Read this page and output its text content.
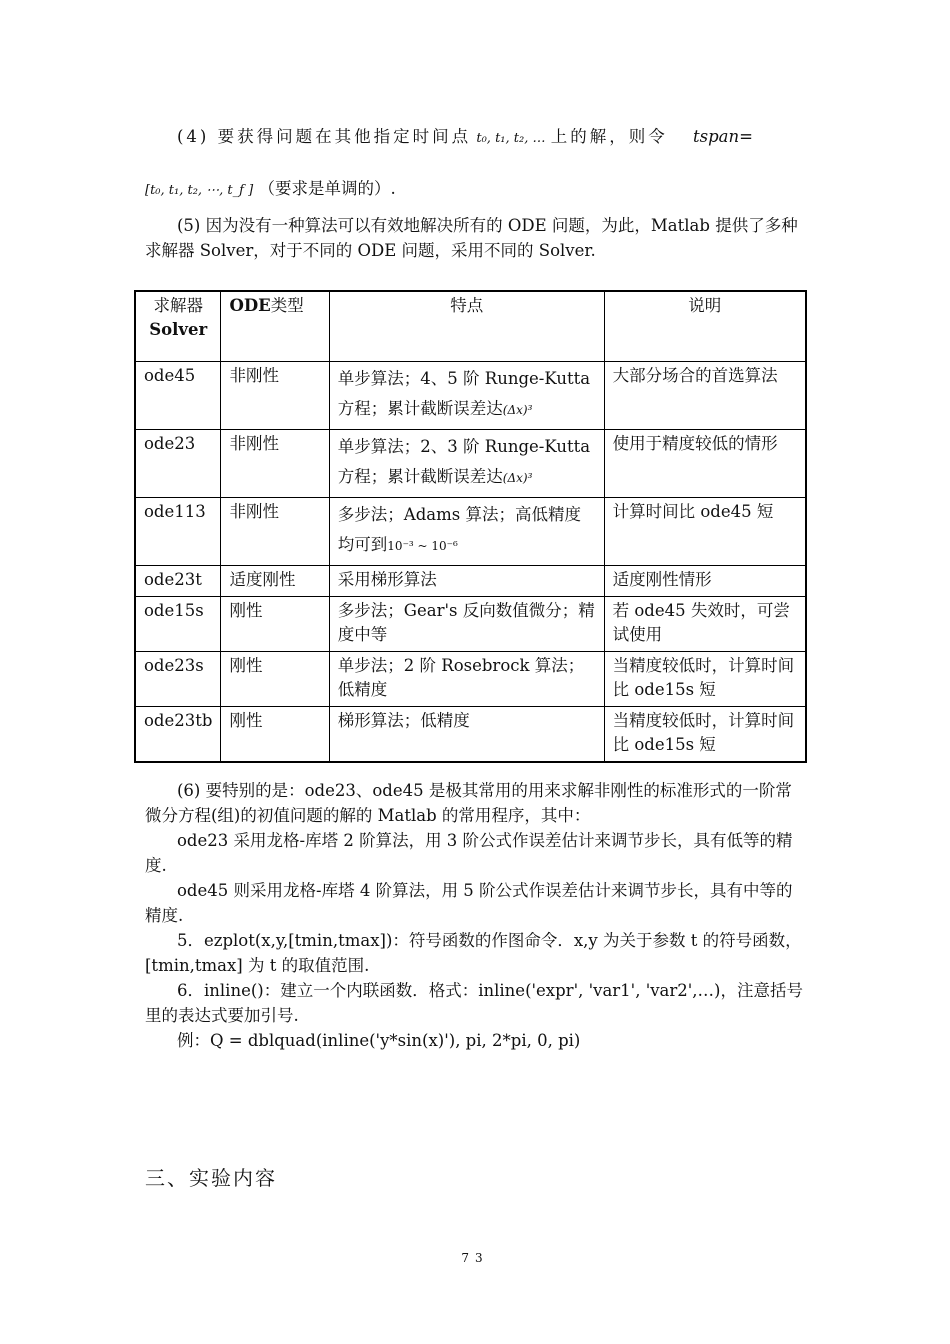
(4) 要获得问题在其他指定时间点 t₀, t₁, t₂, … 上的解，则令 tspan=
[t₀, t₁, t₂, ⋯, t_f ] （要求是单调的）.
(5) 因为没有一种算法可以有效地解决所有的 ODE 问题，为此，Matlab 提供了多种求解器 Solver，对于不同的 ODE 问题，采用不同的 Solver.
求解器
Solver	ODE类型	特点	说明
ode45	非刚性	单步算法；4、5 阶 Runge-Kutta 方程；累计截断误差达(Δx)³	大部分场合的首选算法
ode23	非刚性	单步算法；2、3 阶 Runge-Kutta 方程；累计截断误差达(Δx)³	使用于精度较低的情形
ode113	非刚性	多步法；Adams 算法；高低精度均可到10⁻³ ~ 10⁻⁶	计算时间比 ode45 短
ode23t	适度刚性	采用梯形算法	适度刚性情形
ode15s	刚性	多步法；Gear's 反向数值微分；精度中等	若 ode45 失效时，可尝试使用
ode23s	刚性	单步法；2 阶 Rosebrock 算法；低精度	当精度较低时，计算时间比 ode15s 短
ode23tb	刚性	梯形算法；低精度	当精度较低时，计算时间比 ode15s 短
(6) 要特别的是：ode23、ode45 是极其常用的用来求解非刚性的标准形式的一阶常微分方程(组)的初值问题的解的 Matlab 的常用程序，其中：
ode23 采用龙格-库塔 2 阶算法，用 3 阶公式作误差估计来调节步长，具有低等的精度.
ode45 则采用龙格-库塔 4 阶算法，用 5 阶公式作误差估计来调节步长，具有中等的精度.
5．ezplot(x,y,[tmin,tmax])：符号函数的作图命令．x,y 为关于参数 t 的符号函数，[tmin,tmax] 为 t 的取值范围.
6．inline()：建立一个内联函数．格式：inline('expr', 'var1', 'var2',…)，注意括号里的表达式要加引号.
例：Q = dblquad(inline('y*sin(x)'), pi, 2*pi, 0, pi)
三、实验内容
73
